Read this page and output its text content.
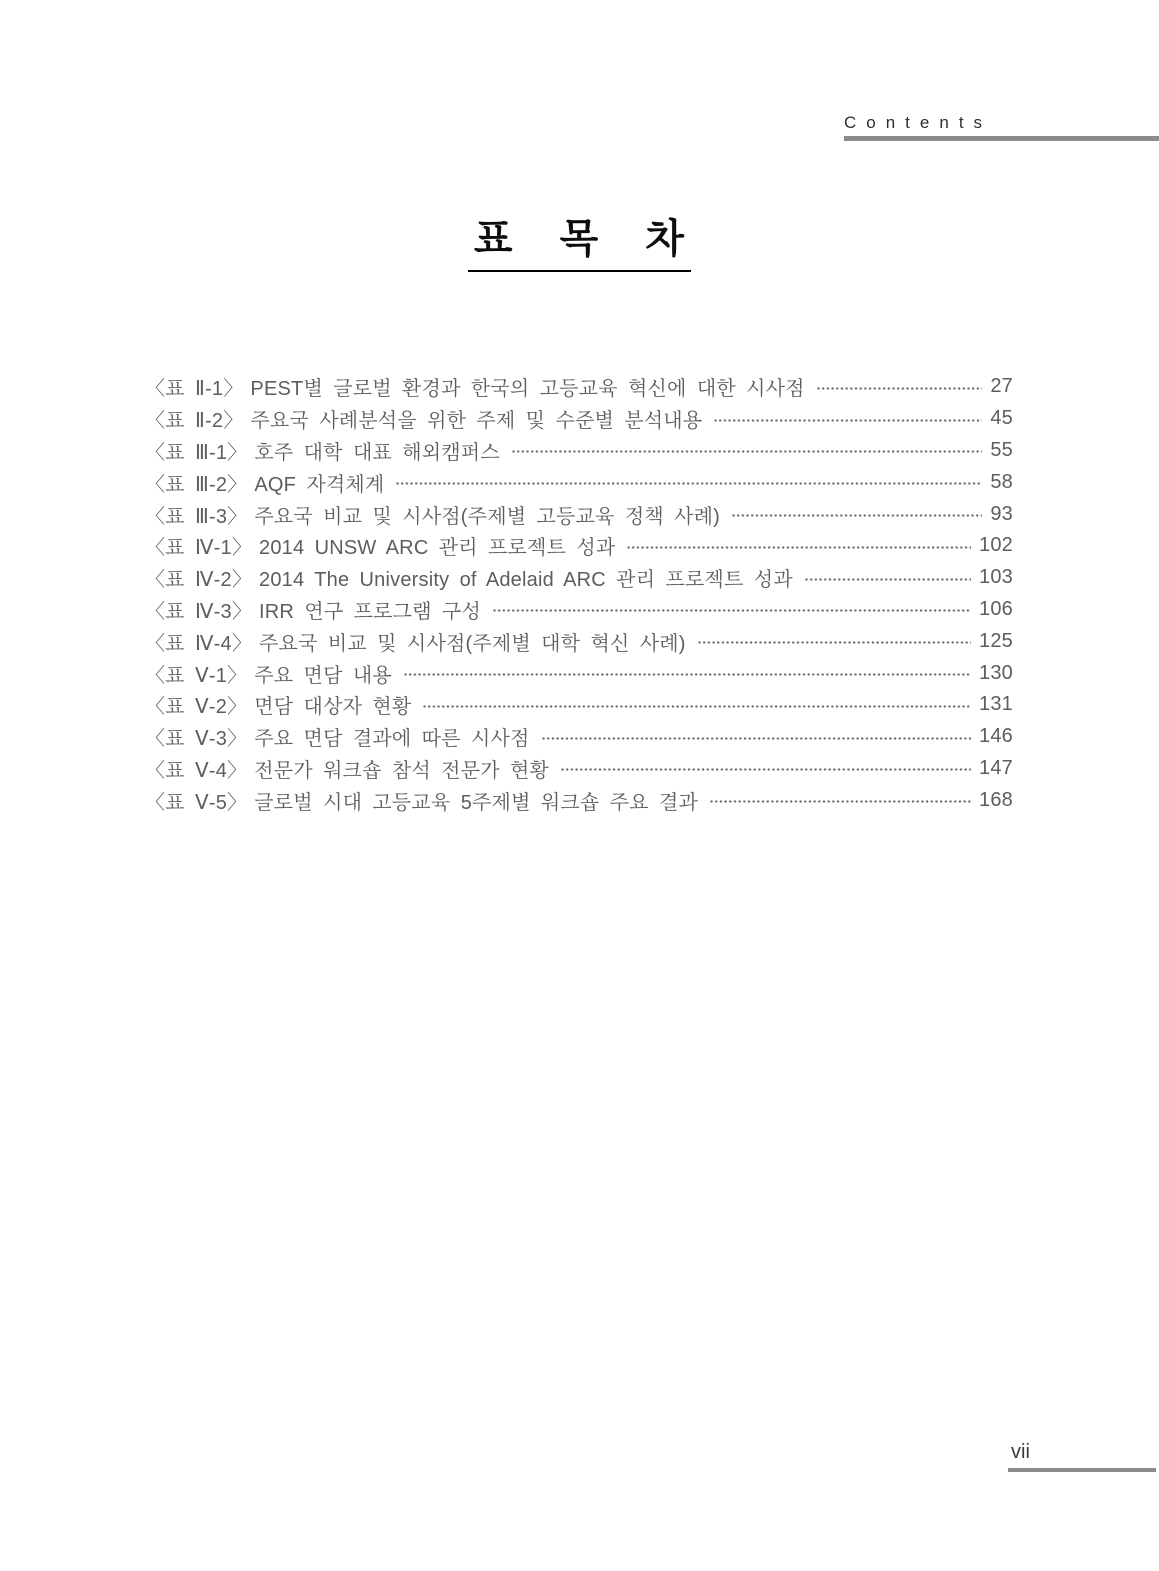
Contents
표 목 차
〈표 Ⅱ-1〉 PEST별 글로벌 환경과 한국의 고등교육 혁신에 대한 시사점	27
〈표 Ⅱ-2〉 주요국 사례분석을 위한 주제 및 수준별 분석내용	45
〈표 Ⅲ-1〉 호주 대학 대표 해외캠퍼스	55
〈표 Ⅲ-2〉 AQF 자격체계	58
〈표 Ⅲ-3〉 주요국 비교 및 시사점(주제별 고등교육 정책 사례)	93
〈표 Ⅳ-1〉 2014 UNSW ARC 관리 프로젝트 성과	102
〈표 Ⅳ-2〉 2014 The University of Adelaid ARC 관리 프로젝트 성과	103
〈표 Ⅳ-3〉 IRR 연구 프로그램 구성	106
〈표 Ⅳ-4〉 주요국 비교 및 시사점(주제별 대학 혁신 사례)	125
〈표 Ⅴ-1〉 주요 면담 내용	130
〈표 Ⅴ-2〉 면담 대상자 현황	131
〈표 Ⅴ-3〉 주요 면담 결과에 따른 시사점	146
〈표 Ⅴ-4〉 전문가 워크숍 참석 전문가 현황	147
〈표 Ⅴ-5〉 글로벌 시대 고등교육 5주제별 워크숍 주요 결과	168
vii
